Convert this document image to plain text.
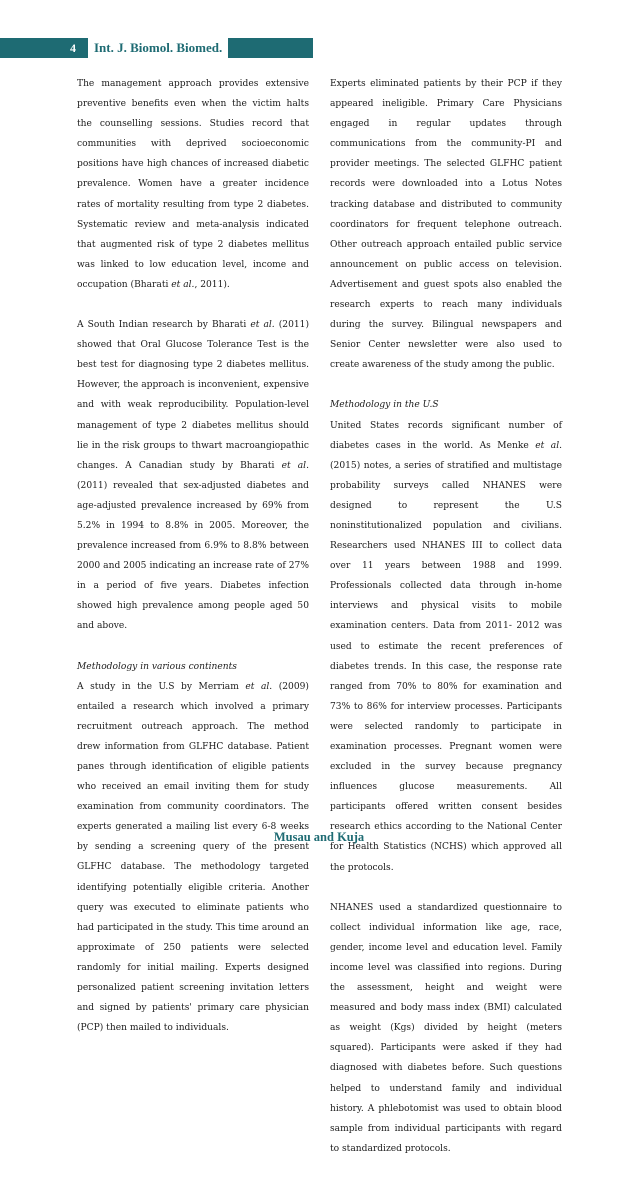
4	Int. J. Biomol. Biomed.

The management approach provides extensive preventive benefits even when the victim halts the counselling sessions. Studies record that communities with deprived socioeconomic positions have high chances of increased diabetic prevalence. Women have a greater incidence rates of mortality resulting from type 2 diabetes. Systematic review and meta-analysis indicated that augmented risk of type 2 diabetes mellitus was linked to low education level, income and occupation (Bharati et al., 2011).

A South Indian research by Bharati et al. (2011) showed that Oral Glucose Tolerance Test is the best test for diagnosing type 2 diabetes mellitus. However, the approach is inconvenient, expensive and with weak reproducibility. Population-level management of type 2 diabetes mellitus should lie in the risk groups to thwart macroangiopathic changes. A Canadian study by Bharati et al. (2011) revealed that sex-adjusted diabetes and age-adjusted prevalence increased by 69% from 5.2% in 1994 to 8.8% in 2005. Moreover, the prevalence increased from 6.9% to 8.8% between 2000 and 2005 indicating an increase rate of 27% in a period of five years. Diabetes infection showed high prevalence among people aged 50 and above.

Methodology in various continents

A study in the U.S by Merriam et al. (2009) entailed a research which involved a primary recruitment outreach approach. The method drew information from GLFHC database. Patient panes through identification of eligible patients who received an email inviting them for study examination from community coordinators. The experts generated a mailing list every 6-8 weeks by sending a screening query of the present GLFHC database. The methodology targeted identifying potentially eligible criteria. Another query was executed to eliminate patients who had participated in the study. This time around an approximate of 250 patients were selected randomly for initial mailing. Experts designed personalized patient screening invitation letters and signed by patients' primary care physician (PCP) then mailed to individuals.

Experts eliminated patients by their PCP if they appeared ineligible. Primary Care Physicians engaged in regular updates through communications from the community-PI and provider meetings. The selected GLFHC patient records were downloaded into a Lotus Notes tracking database and distributed to community coordinators for frequent telephone outreach. Other outreach approach entailed public service announcement on public access on television. Advertisement and guest spots also enabled the research experts to reach many individuals during the survey. Bilingual newspapers and Senior Center newsletter were also used to create awareness of the study among the public.

Methodology in the U.S

United States records significant number of diabetes cases in the world. As Menke et al. (2015) notes, a series of stratified and multistage probability surveys called NHANES were designed to represent the U.S noninstitutionalized population and civilians. Researchers used NHANES III to collect data over 11 years between 1988 and 1999. Professionals collected data through in-home interviews and physical visits to mobile examination centers. Data from 2011- 2012 was used to estimate the recent preferences of diabetes trends. In this case, the response rate ranged from 70% to 80% for examination and 73% to 86% for interview processes. Participants were selected randomly to participate in examination processes. Pregnant women were excluded in the survey because pregnancy influences glucose measurements. All participants offered written consent besides research ethics according to the National Center for Health Statistics (NCHS) which approved all the protocols.

NHANES used a standardized questionnaire to collect individual information like age, race, gender, income level and education level. Family income level was classified into regions. During the assessment, height and weight were measured and body mass index (BMI) calculated as weight (Kgs) divided by height (meters squared). Participants were asked if they had diagnosed with diabetes before. Such questions helped to understand family and individual history. A phlebotomist was used to obtain blood sample from individual participants with regard to standardized protocols.

Musau and Kuja
